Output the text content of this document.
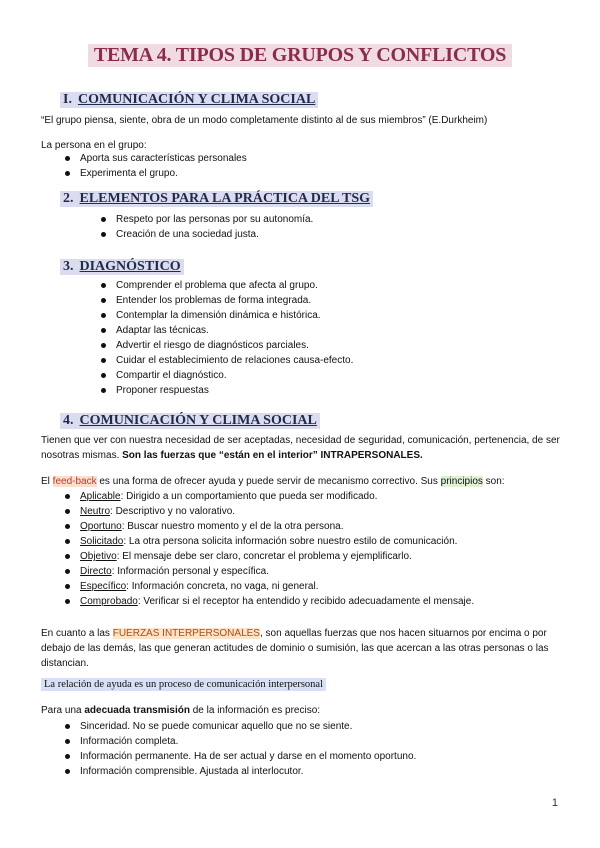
TEMA 4. TIPOS DE GRUPOS Y CONFLICTOS
I. COMUNICACIÓN Y CLIMA SOCIAL
“El grupo piensa, siente, obra de un modo completamente distinto al de sus miembros” (E.Durkheim)
La persona en el grupo:
Aporta sus características personales
Experimenta el grupo.
2. ELEMENTOS PARA LA PRÁCTICA DEL TSG
Respeto por las personas por su autonomía.
Creación de una sociedad justa.
3. DIAGNÓSTICO
Comprender el problema que afecta al grupo.
Entender los problemas de forma integrada.
Contemplar la dimensión dinámica e histórica.
Adaptar las técnicas.
Advertir el riesgo de diagnósticos parciales.
Cuidar el establecimiento de relaciones causa-efecto.
Compartir el diagnóstico.
Proponer respuestas
4. COMUNICACIÓN Y CLIMA SOCIAL
Tienen que ver con nuestra necesidad de ser aceptadas, necesidad de seguridad, comunicación, pertenencia, de ser nosotras mismas. Son las fuerzas que “están en el interior” INTRAPERSONALES.
El feed-back es una forma de ofrecer ayuda y puede servir de mecanismo correctivo. Sus principios son:
Aplicable: Dirigido a un comportamiento que pueda ser modificado.
Neutro: Descriptivo y no valorativo.
Oportuno: Buscar nuestro momento y el de la otra persona.
Solicitado: La otra persona solicita información sobre nuestro estilo de comunicación.
Objetivo: El mensaje debe ser claro, concretar el problema y ejemplificarlo.
Directo: Información personal y específica.
Específico: Información concreta, no vaga, ni general.
Comprobado: Verificar si el receptor ha entendido y recibido adecuadamente el mensaje.
En cuanto a las FUERZAS INTERPERSONALES, son aquellas fuerzas que nos hacen situarnos por encima o por debajo de las demás, las que generan actitudes de dominio o sumisión, las que acercan a las otras personas o las distancian.
La relación de ayuda es un proceso de comunicación interpersonal
Para una adecuada transmisión de la información es preciso:
Sinceridad. No se puede comunicar aquello que no se siente.
Información completa.
Información permanente. Ha de ser actual y darse en el momento oportuno.
Información comprensible. Ajustada al interlocutor.
1
